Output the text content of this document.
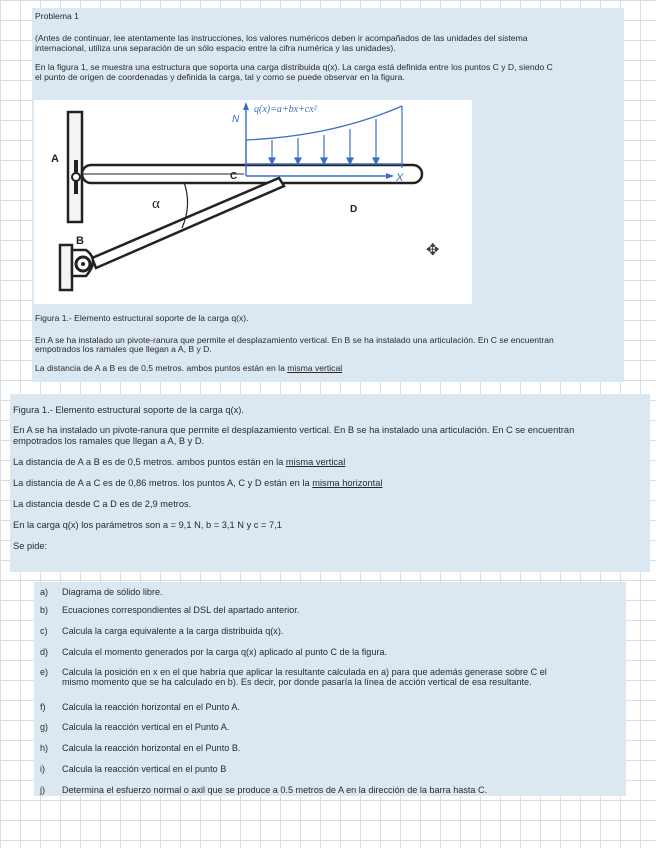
Problema 1
(Antes de continuar, lee atentamente las instrucciones, los valores numéricos deben ir acompañados de las unidades del sistema
internacional, utiliza una separación de un sólo espacio entre la cifra numérica y las unidades).
En la figura 1, se muestra una estructura que soporta una carga distribuida q(x). La carga está definida entre los puntos C y D, siendo C
el punto de origen de coordenadas y definida la carga, tal y como se puede observar en la figura.
N
q(x)=a+bx+cx²
A
B
C
D
X
α
✥
Figura 1.- Elemento estructural soporte de la carga q(x).
En A se ha instalado un pivote-ranura que permite el desplazamiento vertical. En B se ha instalado una articulación. En C se encuentran
empotrados los ramales que llegan a A, B y D.
La distancia de A a B es de 0,5 metros. ambos puntos están en la misma vertical
Figura 1.- Elemento estructural soporte de la carga q(x).
En A se ha instalado un pivote-ranura que permite el desplazamiento vertical. En B se ha instalado una articulación. En C se encuentran
empotrados los ramales que llegan a A, B y D.
La distancia de A a B es de 0,5 metros. ambos puntos están en la misma vertical
La distancia de A a C es de 0,86 metros. los puntos A, C y D están en la misma horizontal
La distancia desde C a D es de 2,9 metros.
En la carga q(x) los parámetros son a = 9,1 N, b = 3,1 N y c = 7,1
Se pide:
a)	Diagrama de sólido libre.
b)	Ecuaciones correspondientes al DSL del apartado anterior.
c)	Calcula la carga equivalente a la carga distribuida q(x).
d)	Calcula el momento generados por la carga q(x) aplicado al punto C de la figura.
e)	Calcula la posición en x en el que habría que aplicar la resultante calculada en a) para que además generase sobre C el
mismo momento que se ha calculado en b). Es decir, por donde pasaría la línea de acción vertical de esa resultante.
f)	Calcula la reacción horizontal en el Punto A.
g)	Calcula la reacción vertical en el Punto A.
h)	Calcula la reacción horizontal en el Punto B.
i)	Calcula la reacción vertical en el punto B
j)	Determina el esfuerzo normal o axil que se produce a 0.5 metros de A en la dirección de la barra hasta C.
